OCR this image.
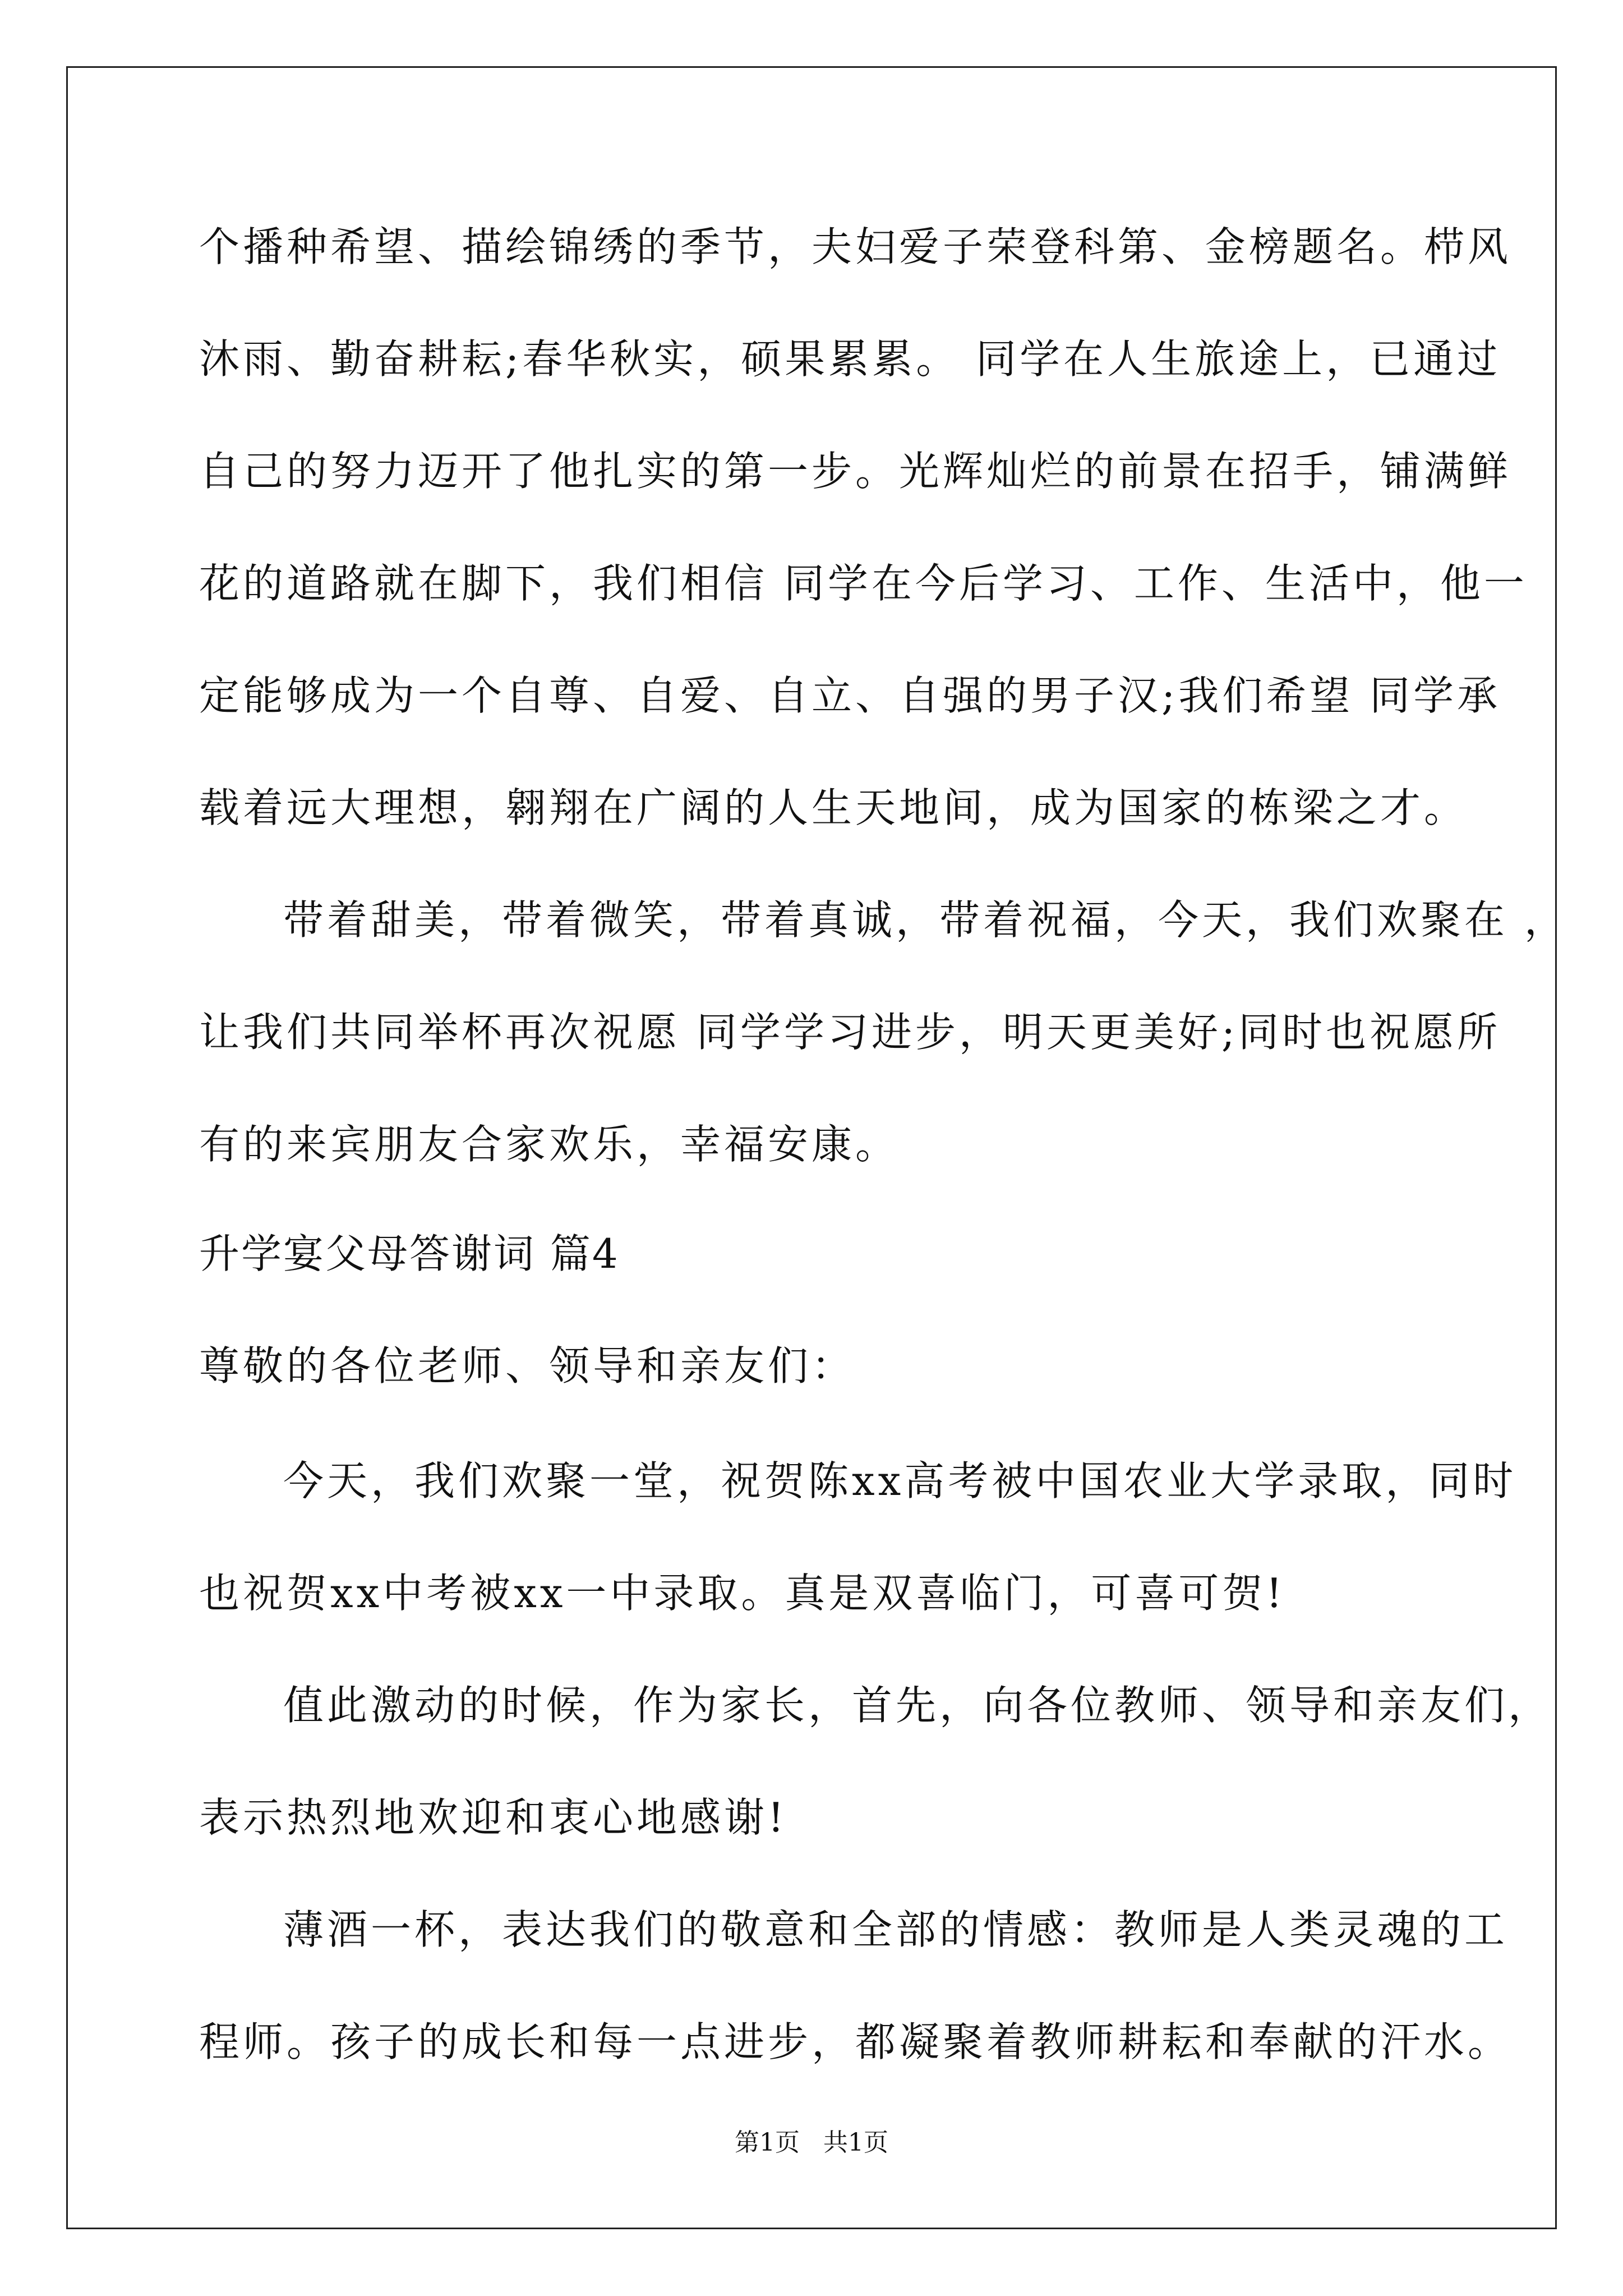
个播种希望、描绘锦绣的季节，夫妇爱子荣登科第、金榜题名。栉风
沐雨、勤奋耕耘;春华秋实，硕果累累。 同学在人生旅途上，已通过
自己的努力迈开了他扎实的第一步。光辉灿烂的前景在招手，铺满鲜
花的道路就在脚下，我们相信 同学在今后学习、工作、生活中，他一
定能够成为一个自尊、自爱、自立、自强的男子汉;我们希望 同学承
载着远大理想，翱翔在广阔的人生天地间，成为国家的栋梁之才。
带着甜美，带着微笑，带着真诚，带着祝福，今天，我们欢聚在 ，
让我们共同举杯再次祝愿 同学学习进步，明天更美好;同时也祝愿所
有的来宾朋友合家欢乐，幸福安康。
升学宴父母答谢词 篇4
尊敬的各位老师、领导和亲友们：
今天，我们欢聚一堂，祝贺陈xx高考被中国农业大学录取，同时
也祝贺xx中考被xx一中录取。真是双喜临门，可喜可贺!
值此激动的时候，作为家长，首先，向各位教师、领导和亲友们，
表示热烈地欢迎和衷心地感谢!
薄酒一杯，表达我们的敬意和全部的情感：教师是人类灵魂的工
程师。孩子的成长和每一点进步，都凝聚着教师耕耘和奉献的汗水。
第1页   共1页
